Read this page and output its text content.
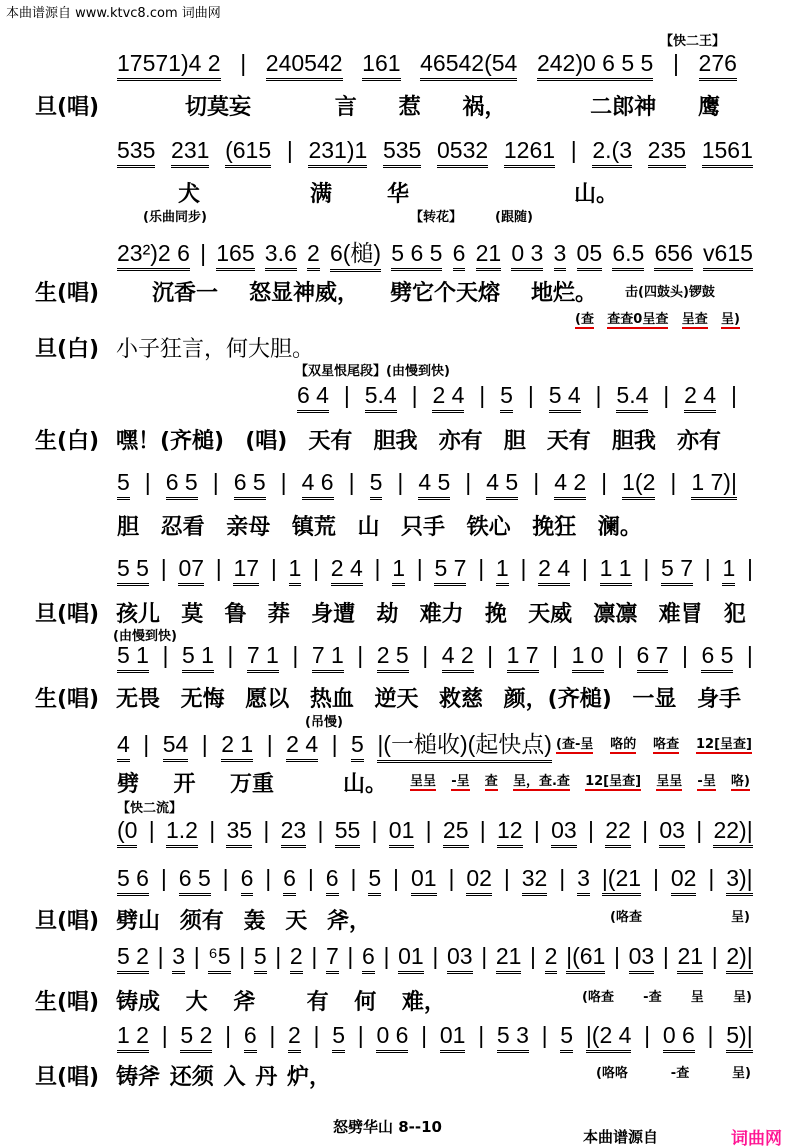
本曲谱源自 www.ktvc8.com 词曲网
【快二王】
17571)4 2 | 240542 161 46542(54 242)0 6 5 5 | 276
旦(唱)	切莫妄	言 惹 祸，	二郎神 鹰
535 231 (615 | 231)1 535 0532 1261 | 2.(3 235 1561
犬	满 华	山。
(乐曲同步)	【转花】	(跟随)
23²)2 6 | 165 3.6 2 6(槌) 5 6 5 6 21 0 3 3 05 6.5 656 v615
生(唱) 沉香一 怒显神威， 劈它个天熔 地烂。 击(四鼓头)锣鼓
(查 查查0呈查 呈查 呈)
旦(白) 小子狂言，何大胆。
【双星恨尾段】(由慢到快)
6 4 | 5.4 | 2 4 | 5 | 5 4 | 5.4 | 2 4 |
生(白) 嘿！(齐槌) (唱) 天有 胆我 亦有 胆 天有 胆我 亦有
5 | 6 5 | 6 5 | 4 6 | 5 | 4 5 | 4 5 | 4 2 | 1(2 | 1 7)|
胆 忍看 亲母 镇荒 山 只手 铁心 挽狂 澜。
5 5 | 07 | 17 | 1 | 2 4 | 1 | 5 7 | 1 | 2 4 | 1 1 | 5 7 | 1 |
旦(唱) 孩儿 莫 鲁 莽 身遭 劫 难力 挽 天威 凛凛 难冒 犯
(由慢到快)
5 1 | 5 1 | 7 1 | 7 1 | 2 5 | 4 2 | 1 7 | 1 0 | 6 7 | 6 5 |
生(唱) 无畏 无悔 愿以 热血 逆天 救慈 颜，(齐槌) 一显 身手
(吊慢)
4 | 54 | 2 1 | 2 4 | 5 |(一槌收)(起快点) (查-呈 咯的 咯查 12[呈查]
劈 开 万重	山。 呈呈 -呈 查 呈，查.查 12[呈查] 呈呈 -呈 咯)
【快二流】
(0 | 1.2 | 35 | 23 | 55 | 01 | 25 | 12 | 03 | 22 | 03 | 22)|
5 6 | 6 5 | 6 | 6 | 6 | 5 | 01 | 02 | 32 | 3 |(21 | 02 | 3)|
旦(唱) 劈山 须有 轰 天 斧，	(咯查	呈)
5 2 | 3 | ⁶5 | 5 | 2 | 7 | 6 | 01 | 03 | 21 | 2 |(61 | 03 | 21 | 2)|
生(唱) 铸成 大 斧 有 何 难，	(咯查 -查 呈 呈)
1 2 | 5 2 | 6 | 2 | 5 | 0 6 | 01 | 5 3 | 5 |(2 4 | 0 6 | 5)|
旦(唱) 铸斧 还须 入 丹 炉，	(咯咯	-查	呈)
怒劈华山 8--10
本曲谱源自	词曲网
